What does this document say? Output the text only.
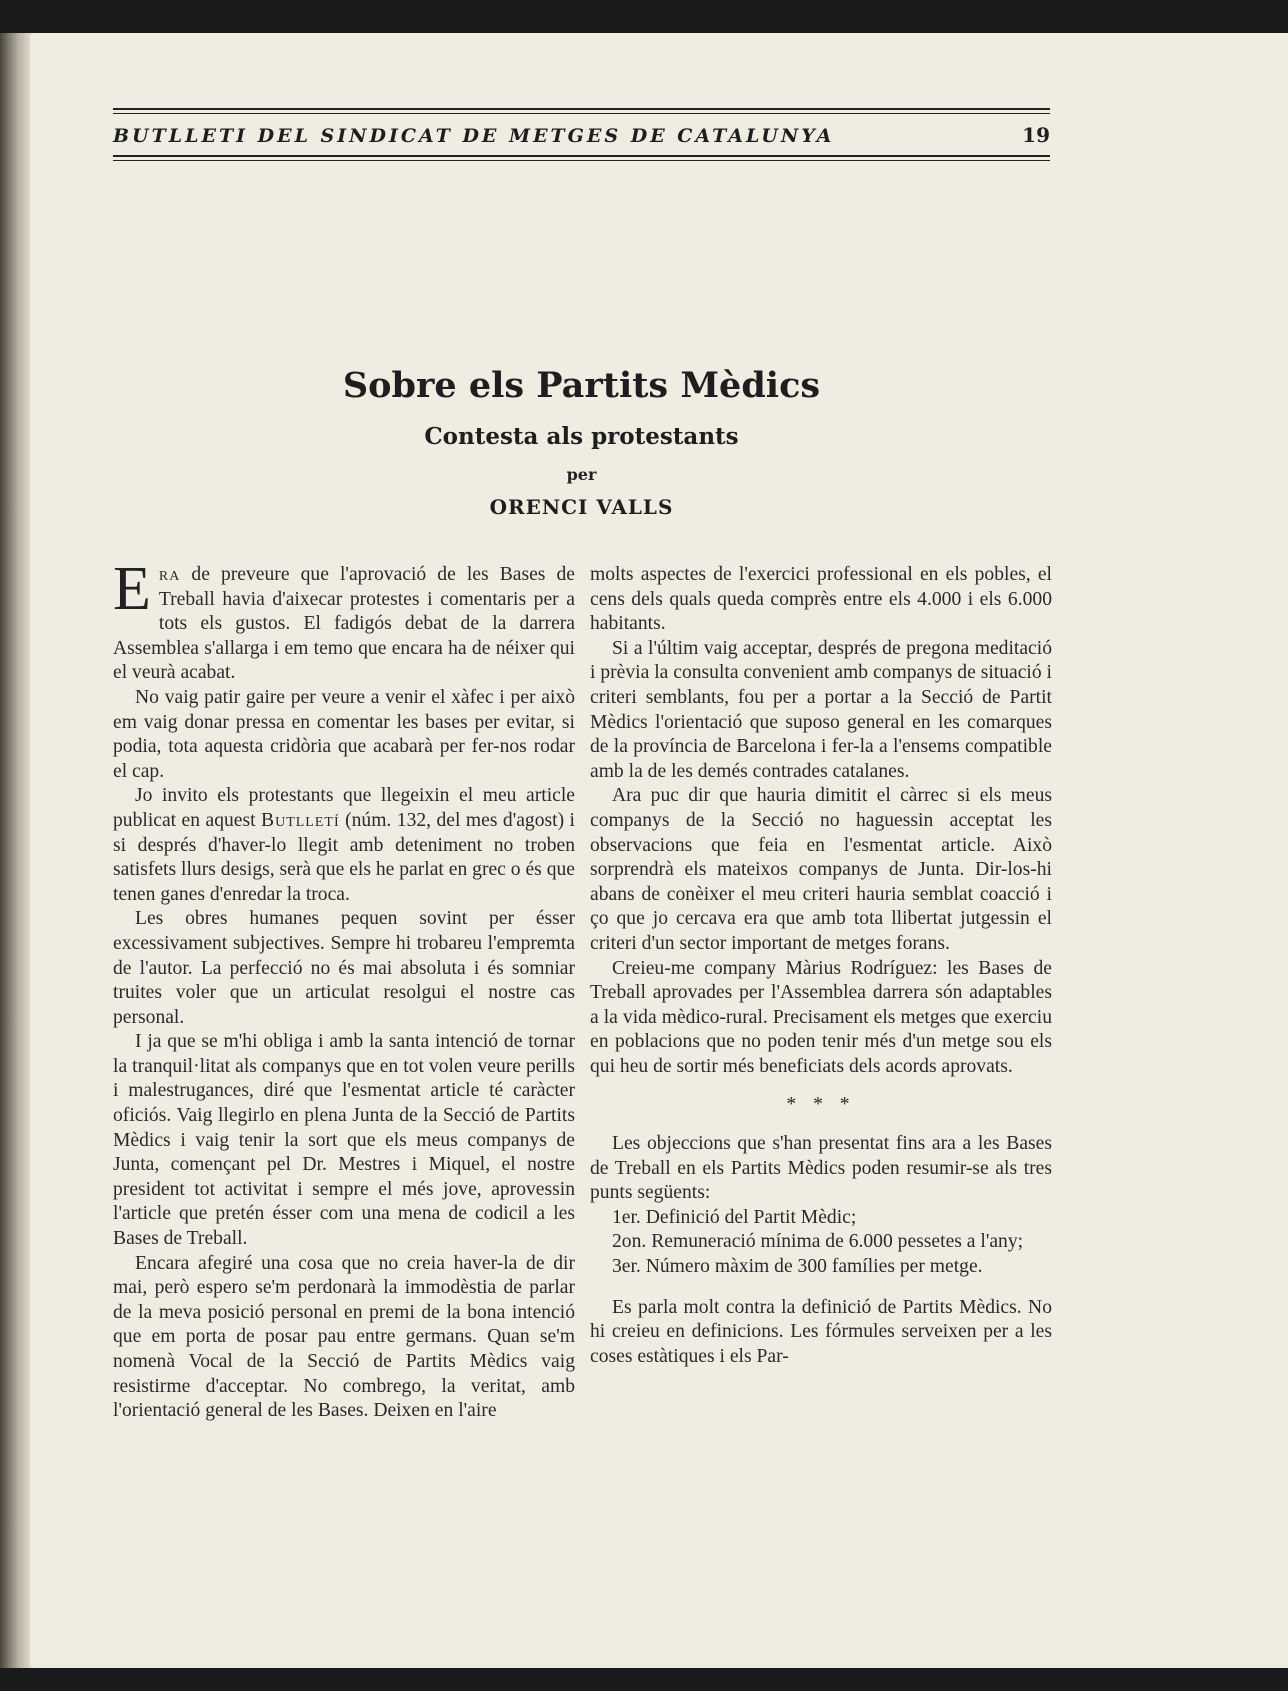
BUTLLETI DEL SINDICAT DE METGES DE CATALUNYA	19
Sobre els Partits Mèdics
Contesta als protestants
per
ORENCI VALLS

Era de preveure que l'aprovació de les Bases de Treball havia d'aixecar protestes i comentaris per a tots els gustos. El fadigós debat de la darrera Assemblea s'allarga i em temo que encara ha de néixer qui el veurà acabat.

No vaig patir gaire per veure a venir el xàfec i per això em vaig donar pressa en comentar les bases per evitar, si podia, tota aquesta cridòria que acabarà per fer-nos rodar el cap.

Jo invito els protestants que llegeixin el meu article publicat en aquest Butlletí (núm. 132, del mes d'agost) i si després d'haver-lo llegit amb deteniment no troben satisfets llurs desigs, serà que els he parlat en grec o és que tenen ganes d'enredar la troca.

Les obres humanes pequen sovint per ésser excessivament subjectives. Sempre hi trobareu l'empremta de l'autor. La perfecció no és mai absoluta i és somniar truites voler que un articulat resolgui el nostre cas personal.

I ja que se m'hi obliga i amb la santa intenció de tornar la tranquil·litat als companys que en tot volen veure perills i malestrugances, diré que l'esmentat article té caràcter oficiós. Vaig llegirlo en plena Junta de la Secció de Partits Mèdics i vaig tenir la sort que els meus companys de Junta, començant pel Dr. Mestres i Miquel, el nostre president tot activitat i sempre el més jove, aprovessin l'article que pretén ésser com una mena de codicil a les Bases de Treball.

Encara afegiré una cosa que no creia haver-la de dir mai, però espero se'm perdonarà la immodèstia de parlar de la meva posició personal en premi de la bona intenció que em porta de posar pau entre germans. Quan se'm nomenà Vocal de la Secció de Partits Mèdics vaig resistirme d'acceptar. No combrego, la veritat, amb l'orientació general de les Bases. Deixen en l'aire

molts aspectes de l'exercici professional en els pobles, el cens dels quals queda comprès entre els 4.000 i els 6.000 habitants.

Si a l'últim vaig acceptar, després de pregona meditació i prèvia la consulta convenient amb companys de situació i criteri semblants, fou per a portar a la Secció de Partit Mèdics l'orientació que suposo general en les comarques de la província de Barcelona i fer-la a l'ensems compatible amb la de les demés contrades catalanes.

Ara puc dir que hauria dimitit el càrrec si els meus companys de la Secció no haguessin acceptat les observacions que feia en l'esmentat article. Això sorprendrà els mateixos companys de Junta. Dir-los-hi abans de conèixer el meu criteri hauria semblat coacció i ço que jo cercava era que amb tota llibertat jutgessin el criteri d'un sector important de metges forans.

Creieu-me company Màrius Rodríguez: les Bases de Treball aprovades per l'Assemblea darrera són adaptables a la vida mèdico-rural. Precisament els metges que exerciu en poblacions que no poden tenir més d'un metge sou els qui heu de sortir més beneficiats dels acords aprovats.

* * *

Les objeccions que s'han presentat fins ara a les Bases de Treball en els Partits Mèdics poden resumir-se als tres punts següents:

1er. Definició del Partit Mèdic;

2on. Remuneració mínima de 6.000 pessetes a l'any;

3er. Número màxim de 300 famílies per metge.

Es parla molt contra la definició de Partits Mèdics. No hi creieu en definicions. Les fórmules serveixen per a les coses estàtiques i els Par-
